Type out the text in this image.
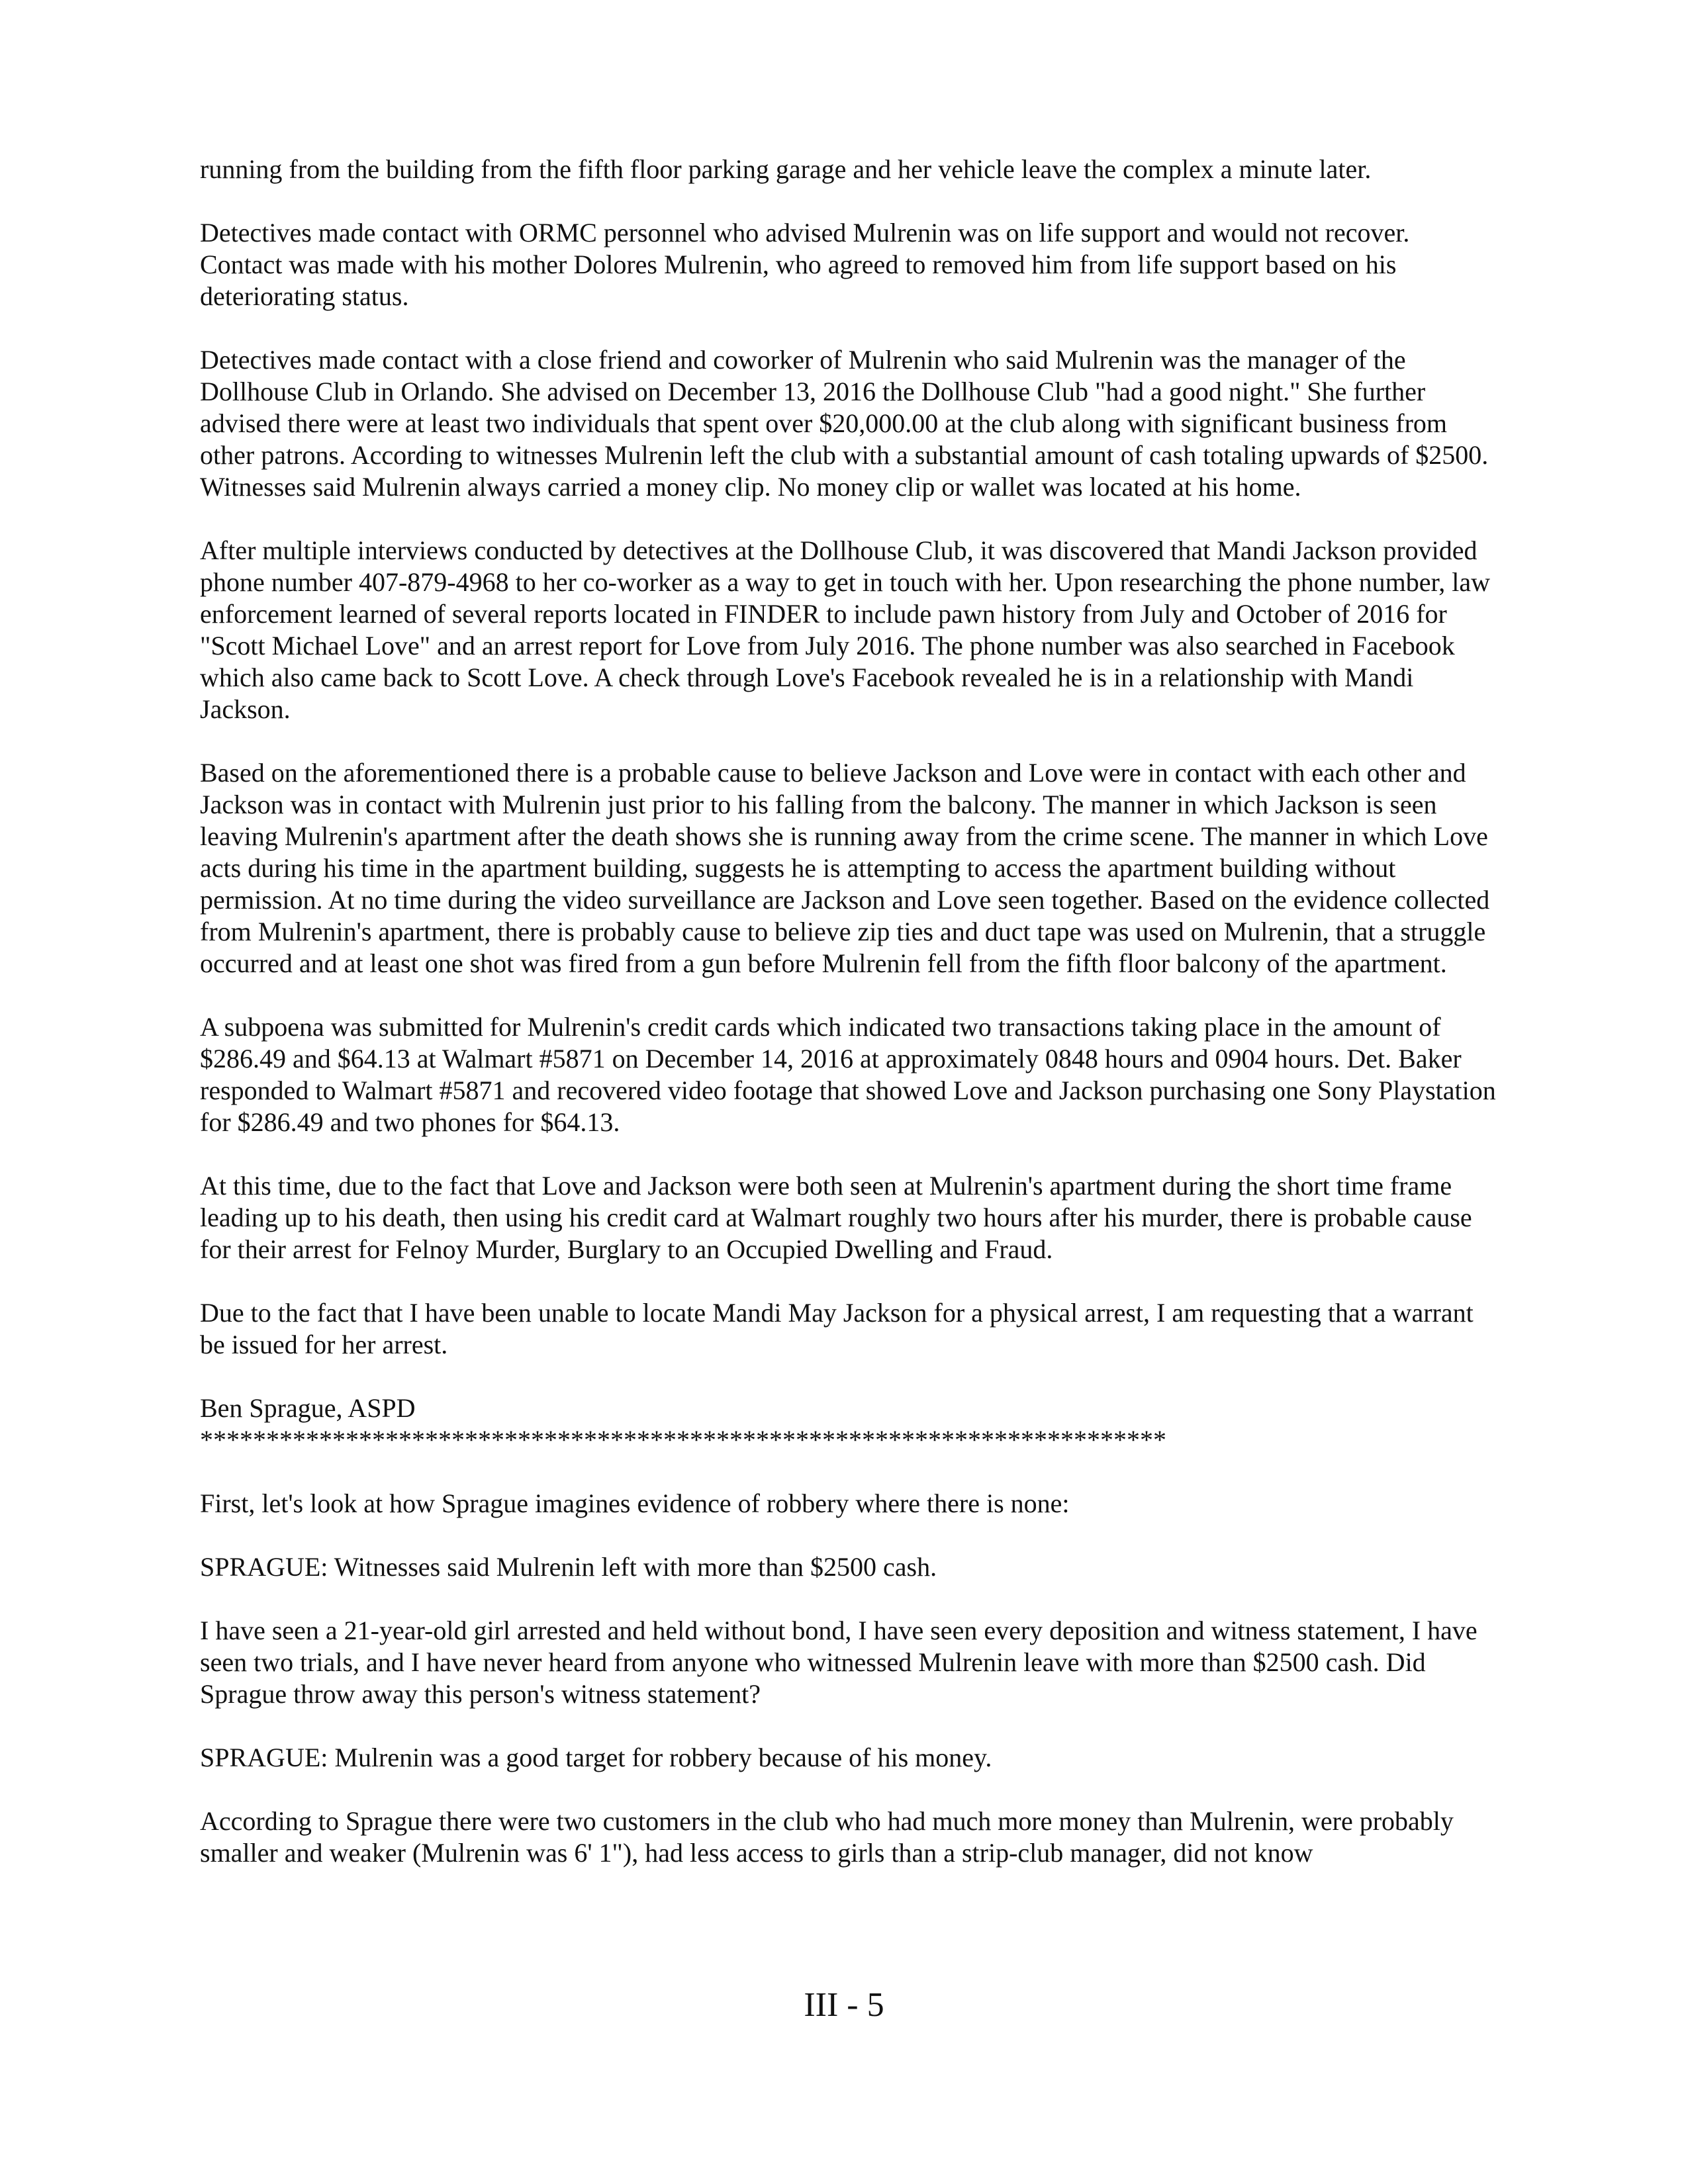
running from the building from the fifth floor parking garage and her vehicle leave the complex a minute later.

Detectives made contact with ORMC personnel who advised Mulrenin was on life support and would not recover. Contact was made with his mother Dolores Mulrenin, who agreed to removed him from life support based on his deteriorating status.

Detectives made contact with a close friend and coworker of Mulrenin who said Mulrenin was the manager of the Dollhouse Club in Orlando. She advised on December 13, 2016 the Dollhouse Club "had a good night." She further advised there were at least two individuals that spent over $20,000.00 at the club along with significant business from other patrons. According to witnesses Mulrenin left the club with a substantial amount of cash totaling upwards of $2500. Witnesses said Mulrenin always carried a money clip. No money clip or wallet was located at his home.

After multiple interviews conducted by detectives at the Dollhouse Club, it was discovered that Mandi Jackson provided phone number 407-879-4968 to her co-worker as a way to get in touch with her. Upon researching the phone number, law enforcement learned of several reports located in FINDER to include pawn history from July and October of 2016 for "Scott Michael Love" and an arrest report for Love from July 2016. The phone number was also searched in Facebook which also came back to Scott Love. A check through Love's Facebook revealed he is in a relationship with Mandi Jackson.

Based on the aforementioned there is a probable cause to believe Jackson and Love were in contact with each other and Jackson was in contact with Mulrenin just prior to his falling from the balcony. The manner in which Jackson is seen leaving Mulrenin's apartment after the death shows she is running away from the crime scene. The manner in which Love acts during his time in the apartment building, suggests he is attempting to access the apartment building without permission. At no time during the video surveillance are Jackson and Love seen together. Based on the evidence collected from Mulrenin's apartment, there is probably cause to believe zip ties and duct tape was used on Mulrenin, that a struggle occurred and at least one shot was fired from a gun before Mulrenin fell from the fifth floor balcony of the apartment.

A subpoena was submitted for Mulrenin's credit cards which indicated two transactions taking place in the amount of $286.49 and $64.13 at Walmart #5871 on December 14, 2016 at approximately 0848 hours and 0904 hours. Det. Baker responded to Walmart #5871 and recovered video footage that showed Love and Jackson purchasing one Sony Playstation for $286.49 and two phones for $64.13.

At this time, due to the fact that Love and Jackson were both seen at Mulrenin's apartment during the short time frame leading up to his death, then using his credit card at Walmart roughly two hours after his murder, there is probable cause for their arrest for Felnoy Murder, Burglary to an Occupied Dwelling and Fraud.

Due to the fact that I have been unable to locate Mandi May Jackson for a physical arrest, I am requesting that a warrant be issued for her arrest.

Ben Sprague, ASPD

*************************************************************************

First, let's look at how Sprague imagines evidence of robbery where there is none:

SPRAGUE: Witnesses said Mulrenin left with more than $2500 cash.

I have seen a 21-year-old girl arrested and held without bond, I have seen every deposition and witness statement, I have seen two trials, and I have never heard from anyone who witnessed Mulrenin leave with more than $2500 cash. Did Sprague throw away this person's witness statement?

SPRAGUE: Mulrenin was a good target for robbery because of his money.

According to Sprague there were two customers in the club who had much more money than Mulrenin, were probably smaller and weaker (Mulrenin was 6' 1"), had less access to girls than a strip-club manager, did not know

III - 5
